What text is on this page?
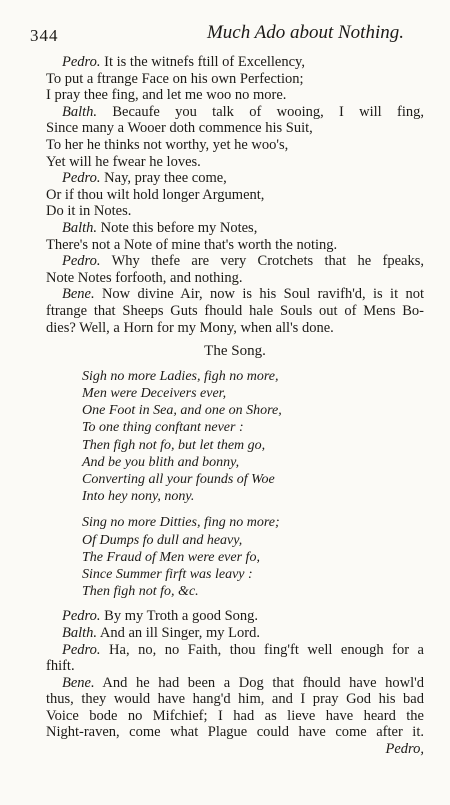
344	Much Ado about Nothing.
Pedro. It is the witnefs ftill of Excellency,
To put a ftrange Face on his own Perfection;
I pray thee fing, and let me woo no more.
Balth. Becaufe you talk of wooing, I will fing,
Since many a Wooer doth commence his Suit,
To her he thinks not worthy, yet he woo's,
Yet will he fwear he loves.
Pedro. Nay, pray thee come,
Or if thou wilt hold longer Argument,
Do it in Notes.
Balth. Note this before my Notes,
There's not a Note of mine that's worth the noting.
Pedro. Why thefe are very Crotchets that he fpeaks,
Note Notes forfooth, and nothing.
Bene. Now divine Air, now is his Soul ravifh'd, is it not
ftrange that Sheeps Guts fhould hale Souls out of Mens Bo-
dies? Well, a Horn for my Mony, when all's done.
The Song.
Sigh no more Ladies, figh no more,
Men were Deceivers ever,
One Foot in Sea, and one on Shore,
To one thing conftant never :
Then figh not fo, but let them go,
And be you blith and bonny,
Converting all your founds of Woe
Into hey nony, nony.
Sing no more Ditties, fing no more;
Of Dumps fo dull and heavy,
The Fraud of Men were ever fo,
Since Summer firft was leavy :
Then figh not fo, &c.
Pedro. By my Troth a good Song.
Balth. And an ill Singer, my Lord.
Pedro. Ha, no, no Faith, thou fing'ft well enough for a
fhift.
Bene. And he had been a Dog that fhould have howl'd
thus, they would have hang'd him, and I pray God his bad
Voice bode no Mifchief; I had as lieve have heard the
Night-raven, come what Plague could have come after it.
Pedro,
